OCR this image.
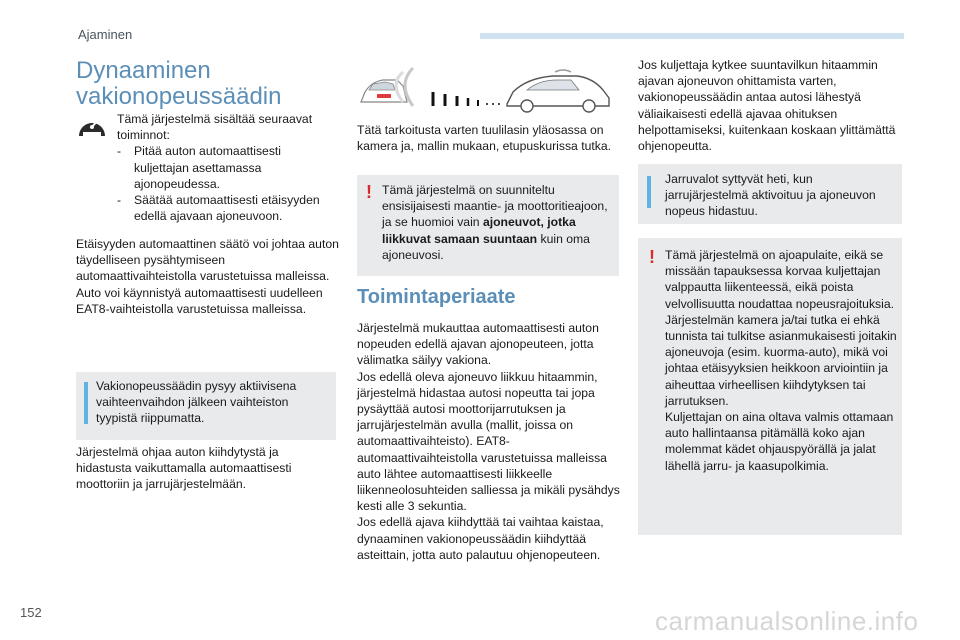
Ajaminen
Dynaaminen vakionopeussäädin
Tämä järjestelmä sisältää seuraavat toiminnot:
-	Pitää auton automaattisesti kuljettajan asettamassa ajonopeudessa.
-	Säätää automaattisesti etäisyyden edellä ajavaan ajoneuvoon.
Etäisyyden automaattinen säätö voi johtaa auton täydelliseen pysähtymiseen automaattivaihteistolla varustetuissa malleissa. Auto voi käynnistyä automaattisesti uudelleen EAT8-vaihteistolla varustetuissa malleissa.
Vakionopeussäädin pysyy aktiivisena vaihteenvaihdon jälkeen vaihteiston tyypistä riippumatta.
Järjestelmä ohjaa auton kiihdytystä ja hidastusta vaikuttamalla automaattisesti moottoriin ja jarrujärjestelmään.
Tätä tarkoitusta varten tuulilasin yläosassa on kamera ja, mallin mukaan, etupuskurissa tutka.
! Tämä järjestelmä on suunniteltu ensisijaisesti maantie- ja moottoritieajoon, ja se huomioi vain ajoneuvot, jotka liikkuvat samaan suuntaan kuin oma ajoneuvosi.
Toimintaperiaate
Järjestelmä mukauttaa automaattisesti auton nopeuden edellä ajavan ajonopeuteen, jotta välimatka säilyy vakiona.
Jos edellä oleva ajoneuvo liikkuu hitaammin, järjestelmä hidastaa autosi nopeutta tai jopa pysäyttää autosi moottorijarrutuksen ja jarrujärjestelmän avulla (mallit, joissa on automaattivaihteisto). EAT8-automaattivaihteistolla varustetuissa malleissa auto lähtee automaattisesti liikkeelle liikenneolosuhteiden salliessa ja mikäli pysähdys kesti alle 3 sekuntia.
Jos edellä ajava kiihdyttää tai vaihtaa kaistaa, dynaaminen vakionopeussäädin kiihdyttää asteittain, jotta auto palautuu ohjenopeuteen.
Jos kuljettaja kytkee suuntavilkun hitaammin ajavan ajoneuvon ohittamista varten, vakionopeussäädin antaa autosi lähestyä väliaikaisesti edellä ajavaa ohituksen helpottamiseksi, kuitenkaan koskaan ylittämättä ohjenopeutta.
Jarruvalot syttyvät heti, kun jarrujärjestelmä aktivoituu ja ajoneuvon nopeus hidastuu.
! Tämä järjestelmä on ajoapulaite, eikä se missään tapauksessa korvaa kuljettajan valppautta liikenteessä, eikä poista velvollisuutta noudattaa nopeusrajoituksia. Järjestelmän kamera ja/tai tutka ei ehkä tunnista tai tulkitse asianmukaisesti joitakin ajoneuvoja (esim. kuorma-auto), mikä voi johtaa etäisyyksien heikkoon arviointiin ja aiheuttaa virheellisen kiihdytyksen tai jarrutuksen.
Kuljettajan on aina oltava valmis ottamaan auto hallintaansa pitämällä koko ajan molemmat kädet ohjauspyörällä ja jalat lähellä jarru- ja kaasupolkimia.
152	carmanualsonline.info
